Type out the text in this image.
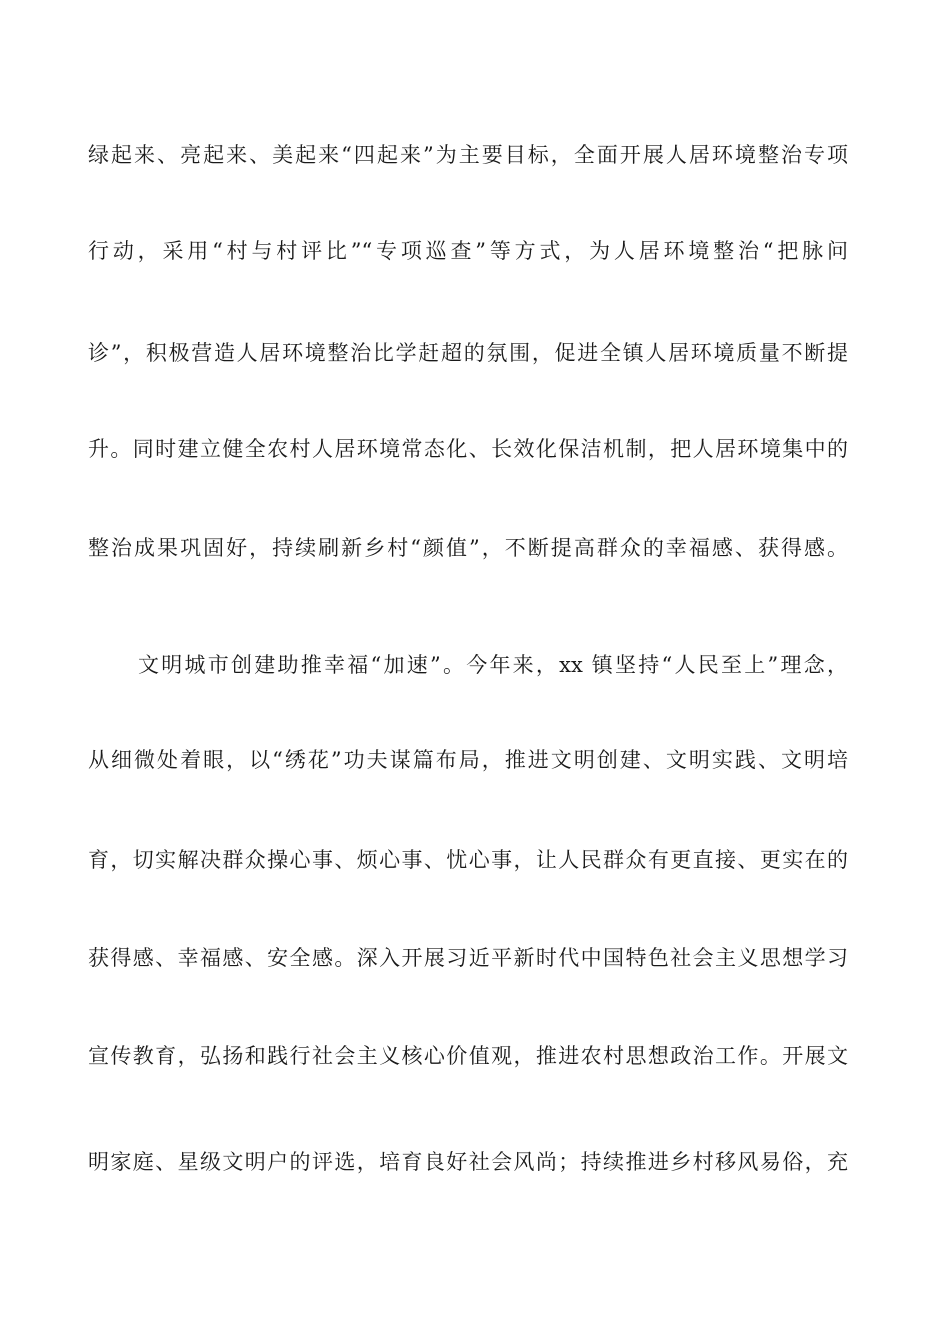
绿起来、亮起来、美起来“四起来”为主要目标，全面开展人居环境整治专项
行动，采用“村与村评比”“专项巡查”等方式，为人居环境整治“把脉问
诊”，积极营造人居环境整治比学赶超的氛围，促进全镇人居环境质量不断提
升。同时建立健全农村人居环境常态化、长效化保洁机制，把人居环境集中的
整治成果巩固好，持续刷新乡村“颜值”，不断提高群众的幸福感、获得感。
文明城市创建助推幸福“加速”。今年来，xx 镇坚持“人民至上”理念，
从细微处着眼，以“绣花”功夫谋篇布局，推进文明创建、文明实践、文明培
育，切实解决群众操心事、烦心事、忧心事，让人民群众有更直接、更实在的
获得感、幸福感、安全感。深入开展习近平新时代中国特色社会主义思想学习
宣传教育，弘扬和践行社会主义核心价值观，推进农村思想政治工作。开展文
明家庭、星级文明户的评选，培育良好社会风尚；持续推进乡村移风易俗，充
